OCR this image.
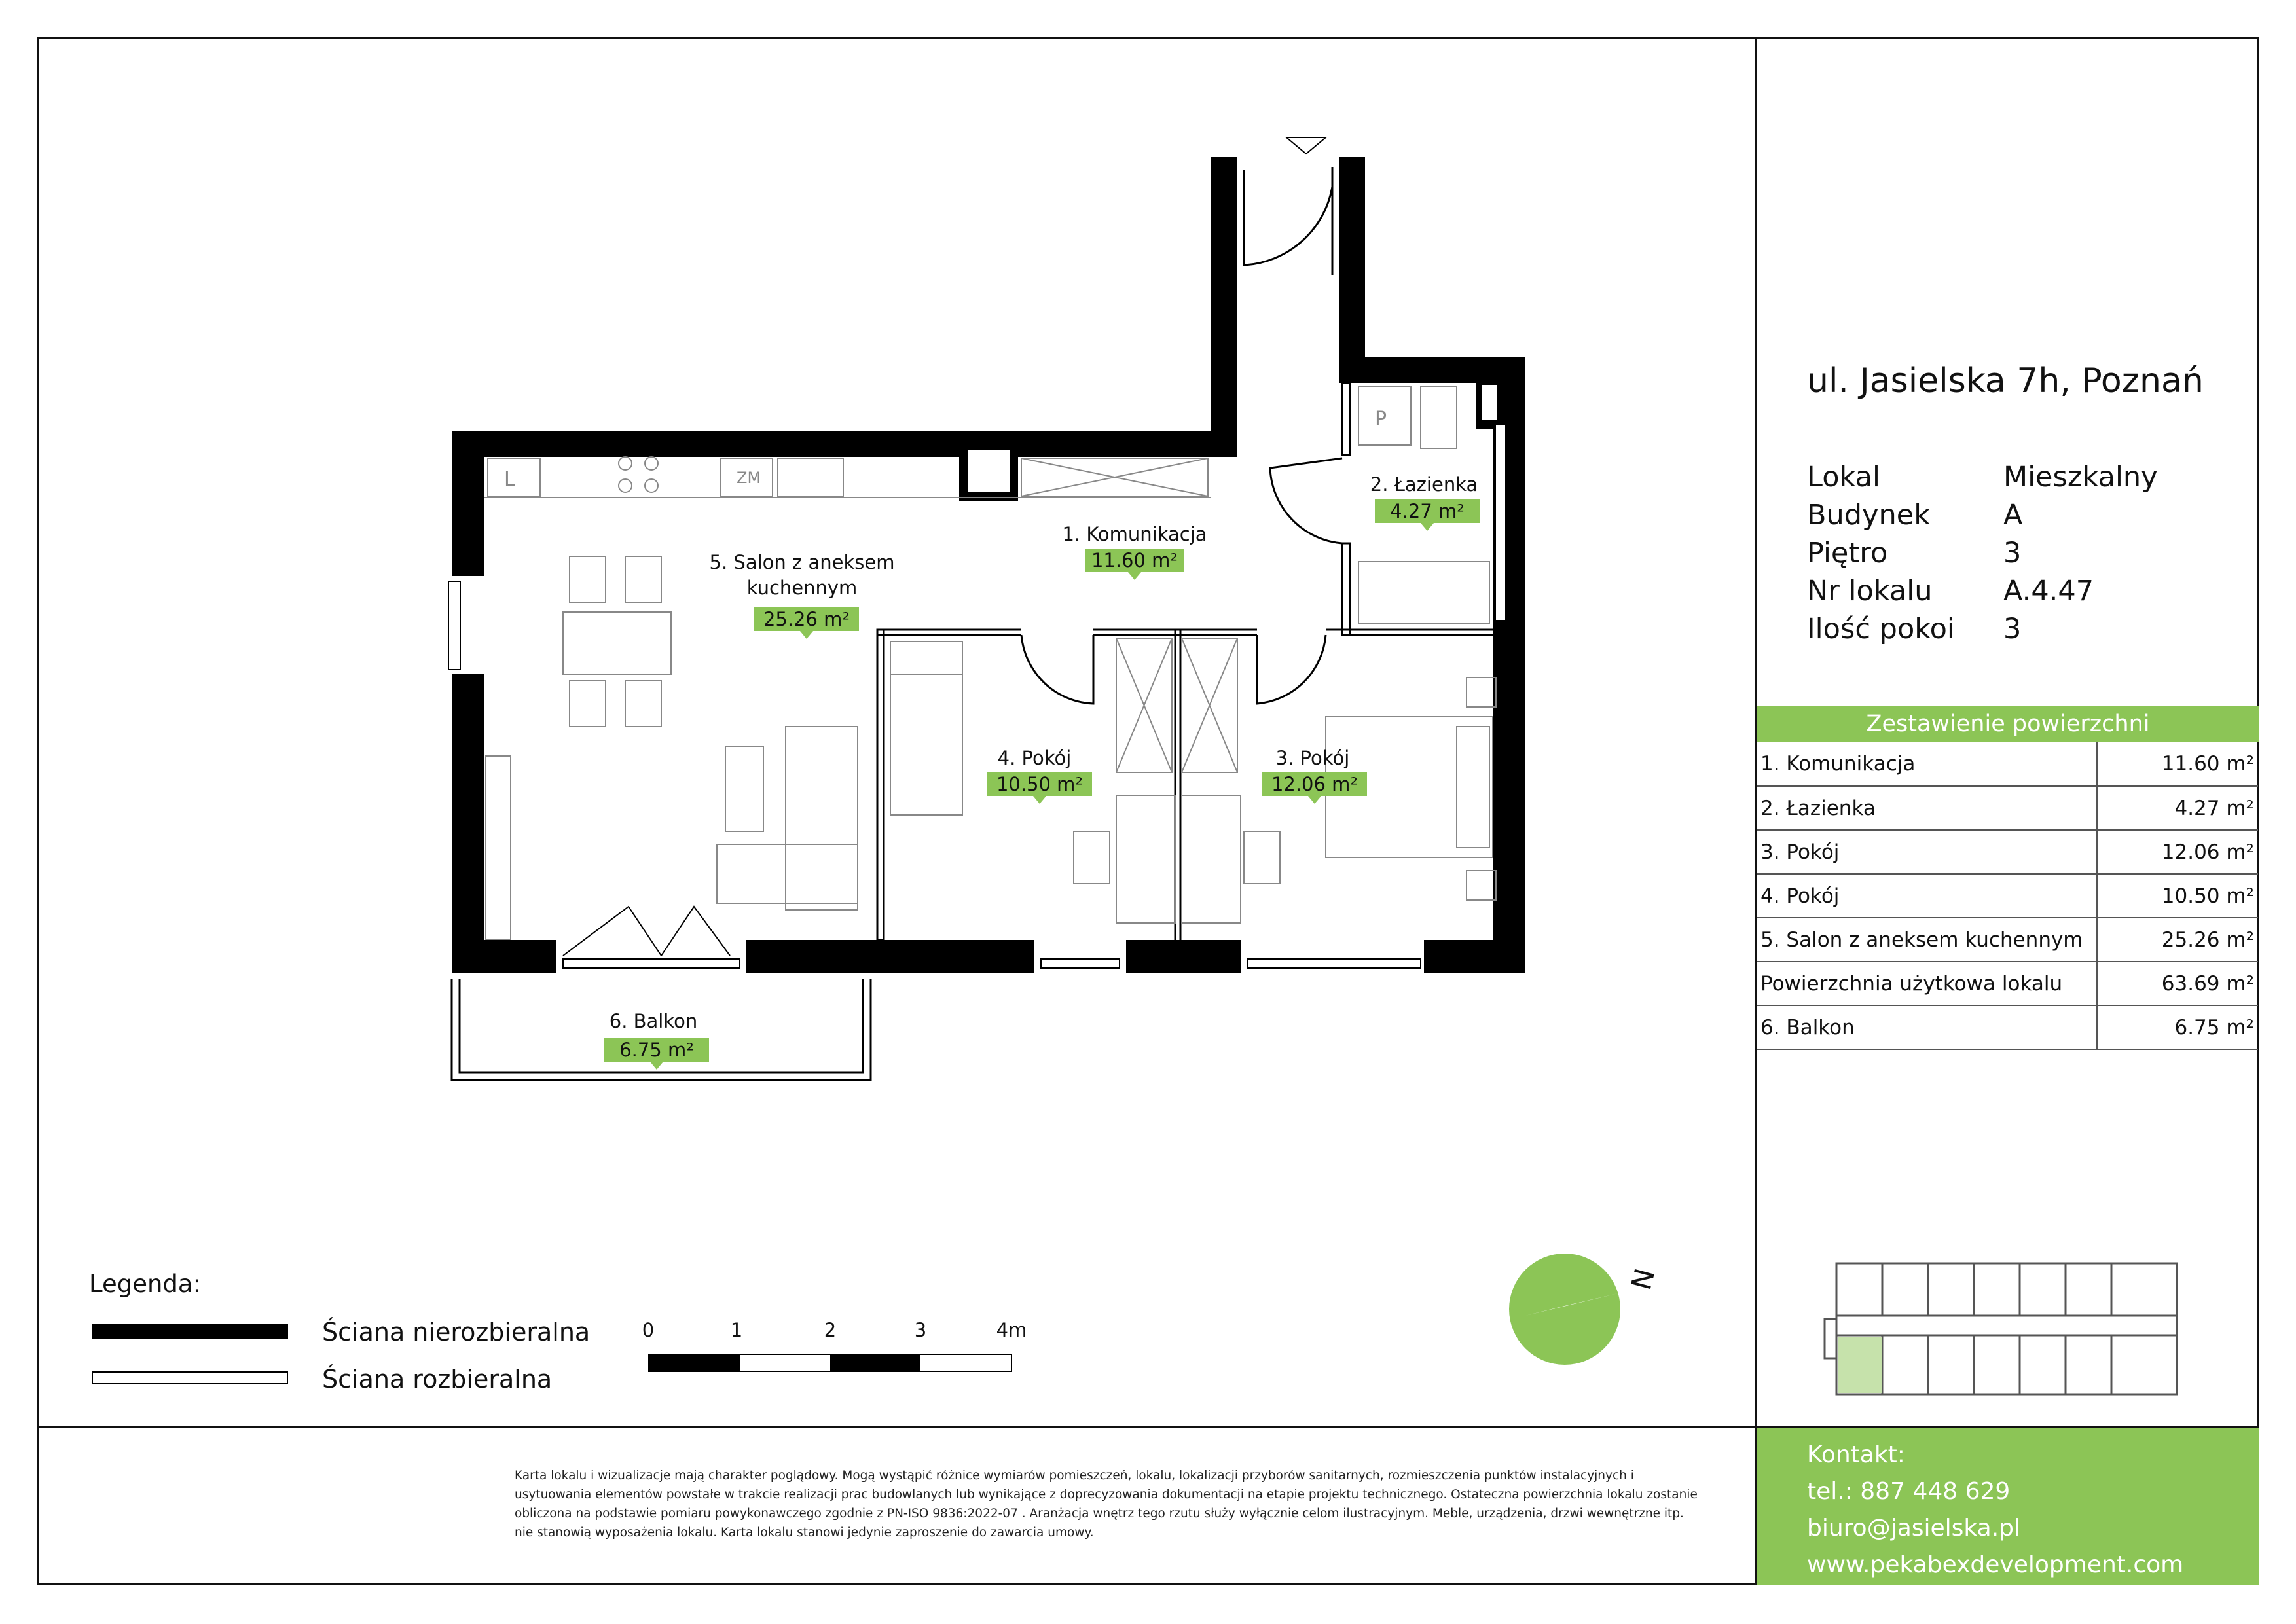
L	ZM
P
1. Komunikacja
11.60 m²
2. Łazienka
4.27 m²
3. Pokój
12.06 m²
4. Pokój
10.50 m²
5. Salon z aneksem
kuchennym
25.26 m²
6. Balkon
6.75 m²
N
ul. Jasielska 7h, Poznań
Lokal	Mieszkalny
Budynek	A
Piętro	3
Nr lokalu	A.4.47
Ilość pokoi	3
Zestawienie powierzchni
1. Komunikacja	11.60 m²
2. Łazienka	4.27 m²
3. Pokój	12.06 m²
4. Pokój	10.50 m²
5. Salon z aneksem kuchennym	25.26 m²
Powierzchnia użytkowa lokalu	63.69 m²
6. Balkon	6.75 m²
Legenda:
Ściana nierozbieralna
Ściana rozbieralna
0	1	2	3	4m
Karta lokalu i wizualizacje mają charakter poglądowy. Mogą wystąpić różnice wymiarów pomieszczeń, lokalu, lokalizacji przyborów sanitarnych, rozmieszczenia punktów instalacyjnych i usytuowania elementów powstałe w trakcie realizacji prac budowlanych lub wynikające z doprecyzowania dokumentacji na etapie projektu technicznego. Ostateczna powierzchnia lokalu zostanie obliczona na podstawie pomiaru powykonawczego zgodnie z PN-ISO 9836:2022-07 . Aranżacja wnętrz tego rzutu służy wyłącznie celom ilustracyjnym. Meble, urządzenia, drzwi wewnętrzne itp. nie stanowią wyposażenia lokalu. Karta lokalu stanowi jedynie zaproszenie do zawarcia umowy.
Kontakt:
tel.: 887 448 629
biuro@jasielska.pl
www.pekabexdevelopment.com
